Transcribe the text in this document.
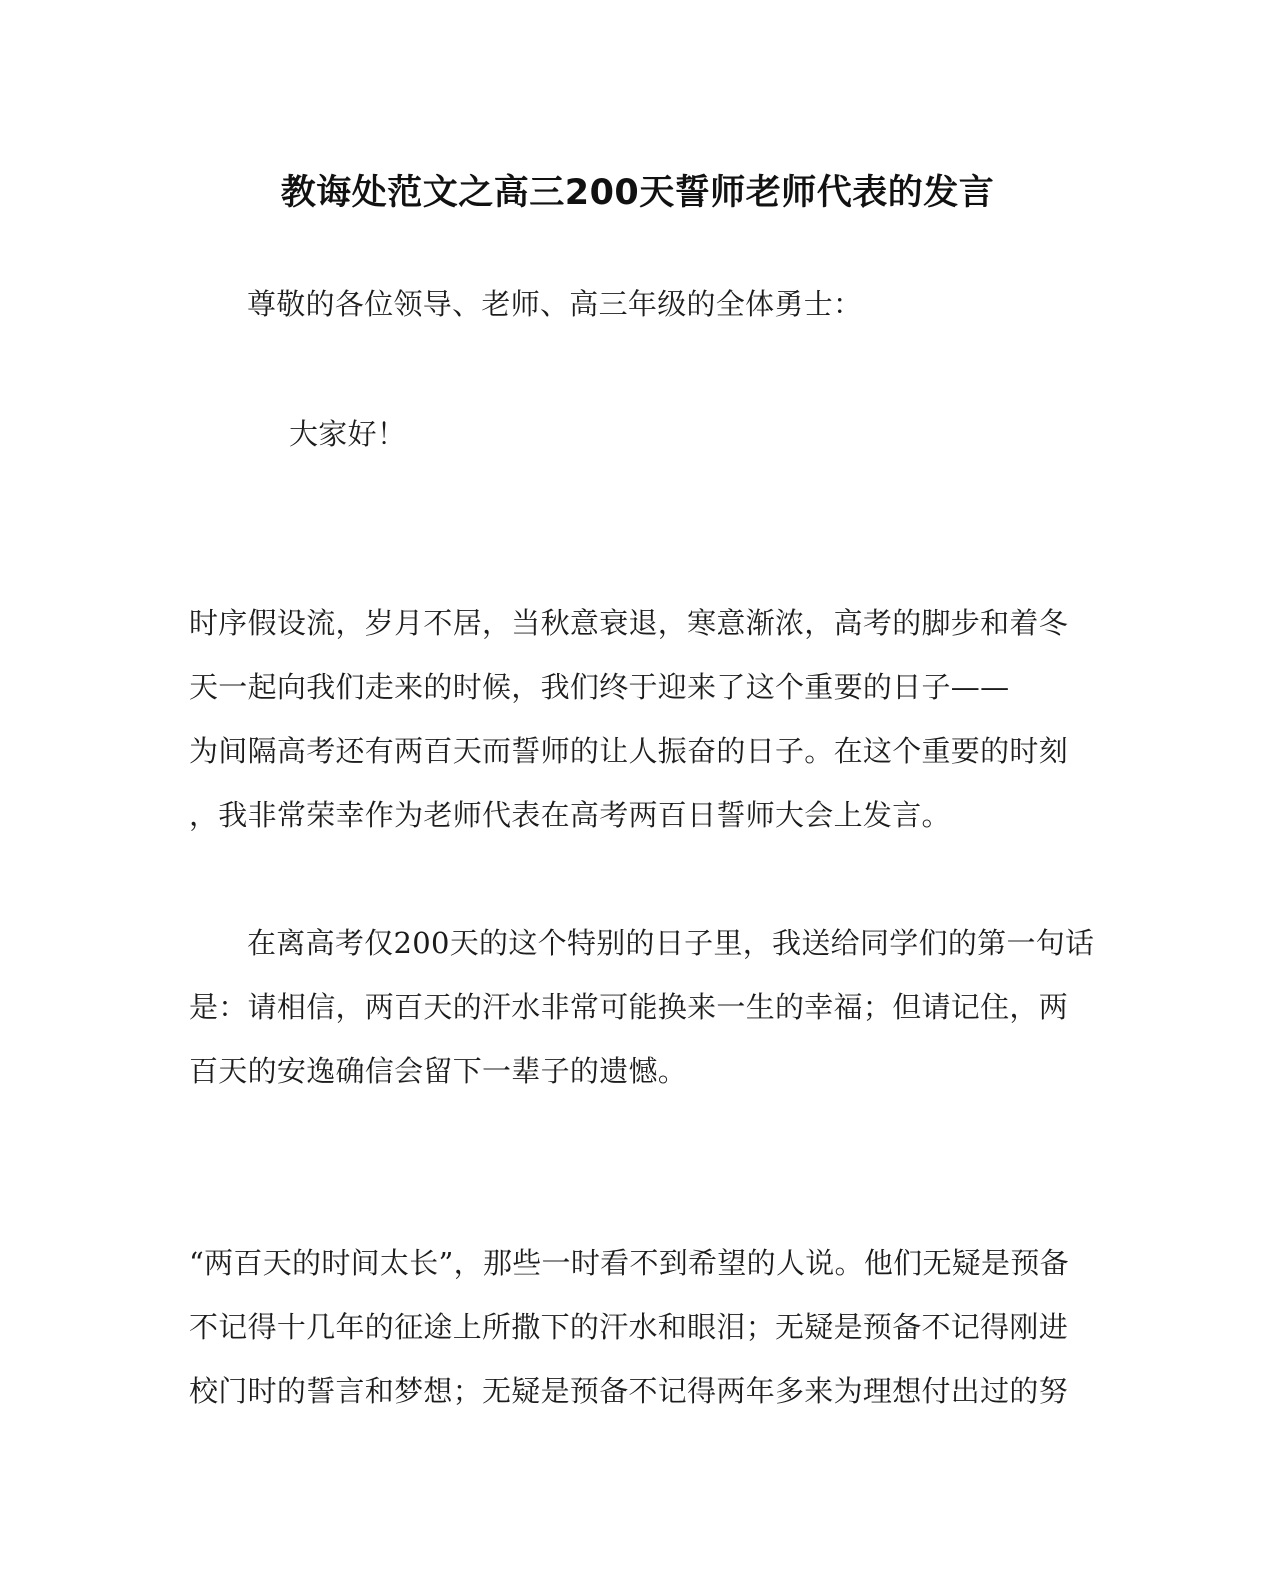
教诲处范文之高三200天誓师老师代表的发言
尊敬的各位领导、老师、高三年级的全体勇士：
大家好！
时序假设流，岁月不居，当秋意衰退，寒意渐浓，高考的脚步和着冬
天一起向我们走来的时候，我们终于迎来了这个重要的日子——
为间隔高考还有两百天而誓师的让人振奋的日子。在这个重要的时刻
，我非常荣幸作为老师代表在高考两百日誓师大会上发言。
在离高考仅200天的这个特别的日子里，我送给同学们的第一句话
是：请相信，两百天的汗水非常可能换来一生的幸福；但请记住，两
百天的安逸确信会留下一辈子的遗憾。
“两百天的时间太长”，那些一时看不到希望的人说。他们无疑是预备
不记得十几年的征途上所撒下的汗水和眼泪；无疑是预备不记得刚进
校门时的誓言和梦想；无疑是预备不记得两年多来为理想付出过的努
